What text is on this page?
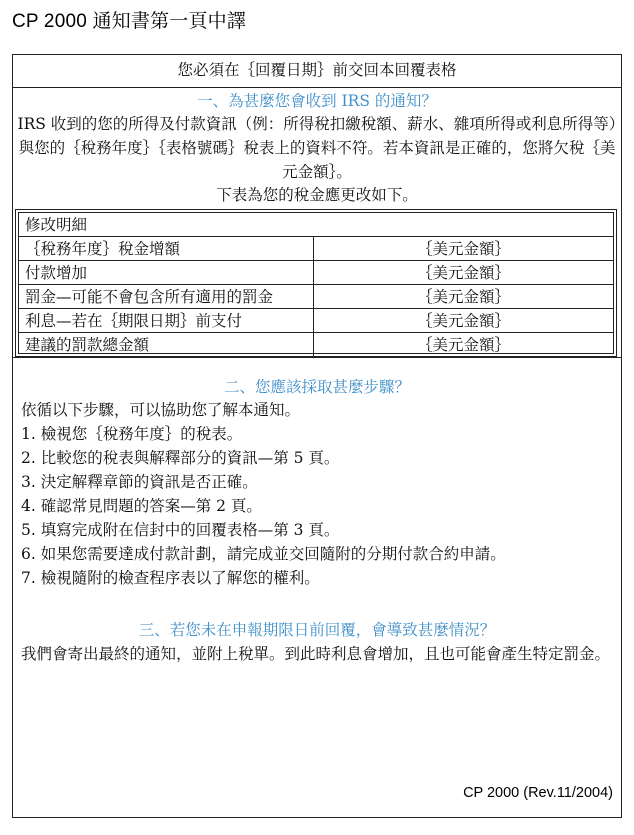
CP 2000 通知書第一頁中譯
您必須在｛回覆日期｝前交回本回覆表格
一、為甚麼您會收到 IRS 的通知？
IRS 收到的您的所得及付款資訊（例：所得稅扣繳稅額、薪水、雜項所得或利息所得等）與您的｛稅務年度｝｛表格號碼｝稅表上的資料不符。若本資訊是正確的，您將欠稅｛美元金額｝。
下表為您的稅金應更改如下。
修改明細	
｛稅務年度｝稅金增額	｛美元金額｝
付款增加	｛美元金額｝
罰金—可能不會包含所有適用的罰金	｛美元金額｝
利息—若在｛期限日期｝前支付	｛美元金額｝
建議的罰款總金額	｛美元金額｝
二、您應該採取甚麼步驟？
依循以下步驟，可以協助您了解本通知。
1. 檢視您｛稅務年度｝的稅表。
2. 比較您的稅表與解釋部分的資訊—第 5 頁。
3. 決定解釋章節的資訊是否正確。
4. 確認常見問題的答案—第 2 頁。
5. 填寫完成附在信封中的回覆表格—第 3 頁。
6. 如果您需要達成付款計劃，請完成並交回隨附的分期付款合約申請。
7. 檢視隨附的檢查程序表以了解您的權利。
三、若您未在申報期限日前回覆，會導致甚麼情況？
我們會寄出最終的通知，並附上稅單。到此時利息會增加，且也可能會產生特定罰金。
CP 2000 (Rev.11/2004)
